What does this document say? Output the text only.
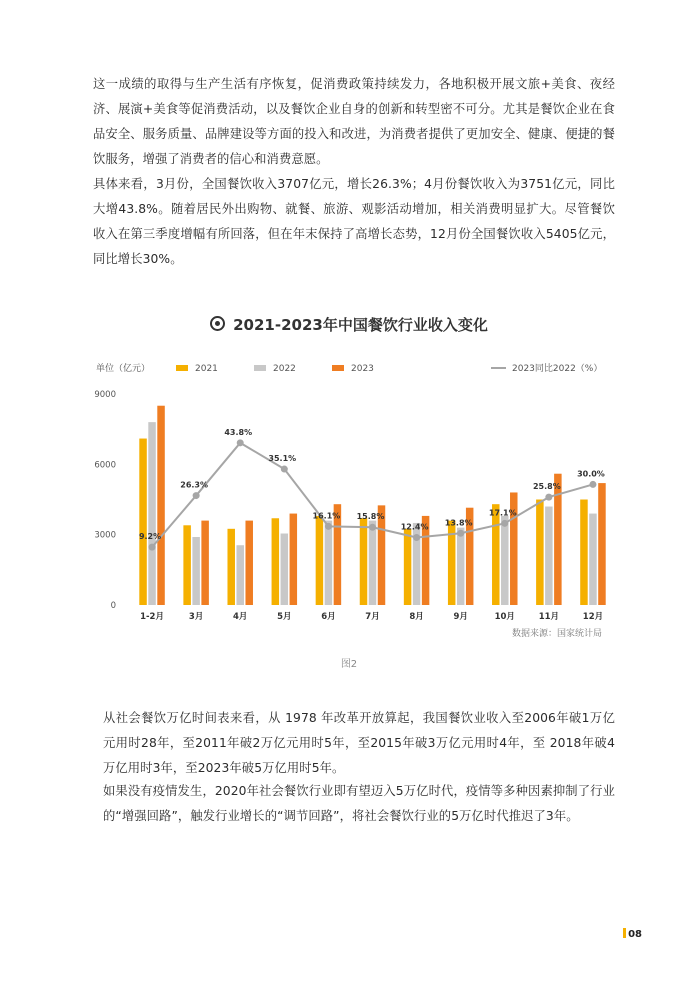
这一成绩的取得与生产生活有序恢复，促消费政策持续发力，各地积极开展文旅+美食、夜经济、展演+美食等促消费活动，以及餐饮企业自身的创新和转型密不可分。尤其是餐饮企业在食品安全、服务质量、品牌建设等方面的投入和改进，为消费者提供了更加安全、健康、便捷的餐饮服务，增强了消费者的信心和消费意愿。

具体来看，3月份，全国餐饮收入3707亿元，增长26.3%；4月份餐饮收入为3751亿元，同比大增43.8%。随着居民外出购物、就餐、旅游、观影活动增加，相关消费明显扩大。尽管餐饮收入在第三季度增幅有所回落，但在年末保持了高增长态势，12月份全国餐饮收入5405亿元，同比增长30%。

2021-2023年中国餐饮行业收入变化
单位（亿元）	2021	2022	2023	2023同比2022（%）
0
3000
6000
9000
1-2月	3月	4月	5月	6月	7月	8月	9月	10月	11月	12月
9.2%
26.3%
43.8%
35.1%
16.1% 15.8%
12.4% 13.8%
17.1%
25.8%
30.0%
数据来源：国家统计局
图2

从社会餐饮万亿时间表来看，从 1978 年改革开放算起，我国餐饮业收入至2006年破1万亿元用时28年，至2011年破2万亿元用时5年，至2015年破3万亿元用时4年，至 2018年破4万亿用时3年，至2023年破5万亿用时5年。

如果没有疫情发生，2020年社会餐饮行业即有望迈入5万亿时代，疫情等多种因素抑制了行业的“增强回路”，触发行业增长的“调节回路”，将社会餐饮行业的5万亿时代推迟了3年。

08
